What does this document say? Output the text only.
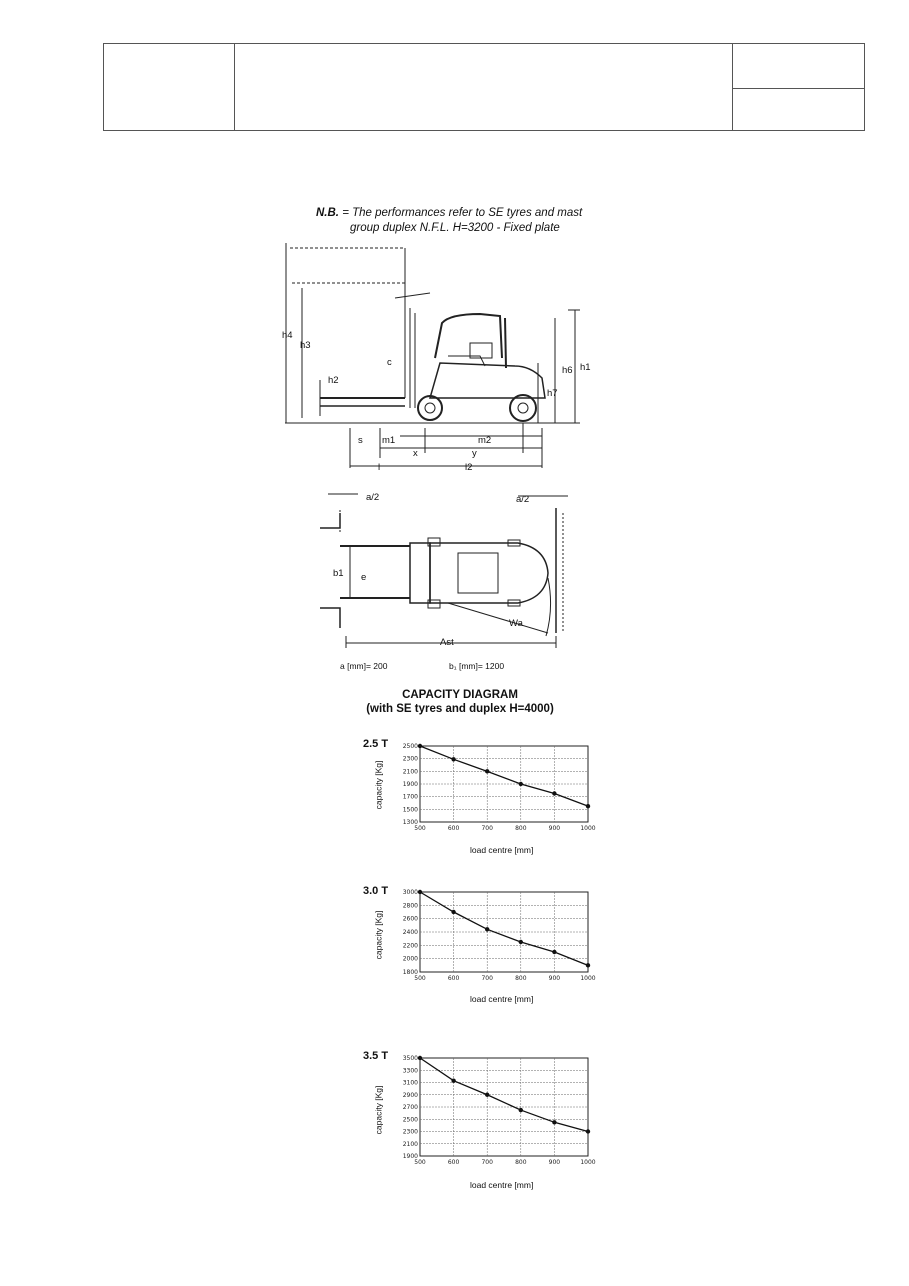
N.B. = The performances refer to SE tyres and mast
group duplex N.F.L. H=3200 - Fixed plate
h4
h3
h2
c
h7
h6 h1
s m1	m2
x	y
l	l2
a/2	a/2
b1 e
Wa
Ast
a [mm]= 200	b₁ [mm]= 1200
CAPACITY DIAGRAM
(with SE tyres and duplex H=4000)
2.5 T 2500
2300
2100
1900
1700
1500
1300
500	600	700	800	900	1000
capacity [Kg]
load centre [mm]
3.0 T 3000
2800
2600
2400
2200
2000
1800
500	600	700	800	900	1000
capacity [Kg]
load centre [mm]
3.5 T 3500
3300
3100
2900
2700
2500
2300
2100
1900
500	600	700	800	900	1000
capacity [Kg]
load centre [mm]
